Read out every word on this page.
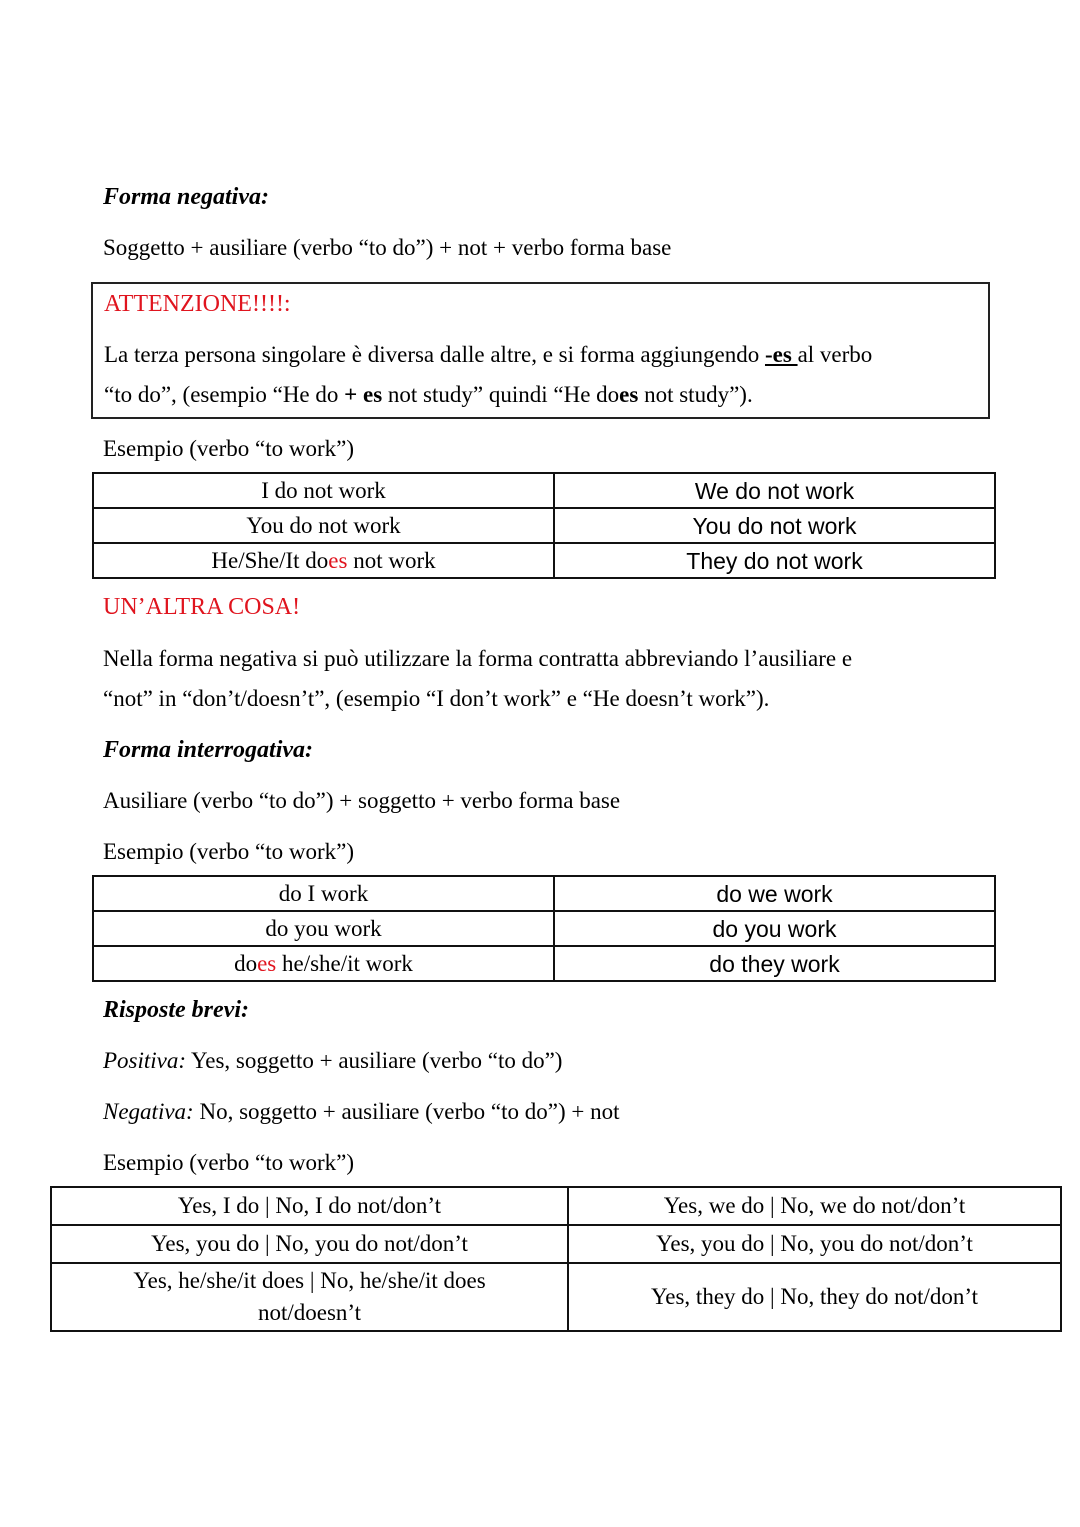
Forma negativa:
Soggetto + ausiliare (verbo “to do”) + not + verbo forma base
ATTENZIONE!!!!:
La terza persona singolare è diversa dalle altre, e si forma aggiungendo -es al verbo
“to do”, (esempio “He do + es not study” quindi “He does not study”).
Esempio (verbo “to work”)
I do not work	We do not work
You do not work	You do not work
He/She/It does not work	They do not work
UN’ALTRA COSA!
Nella forma negativa si può utilizzare la forma contratta abbreviando l’ausiliare e
“not” in “don’t/doesn’t”, (esempio “I don’t work” e “He doesn’t work”).
Forma interrogativa:
Ausiliare (verbo “to do”) + soggetto + verbo forma base
Esempio (verbo “to work”)
do I work	do we work
do you work	do you work
does he/she/it work	do they work
Risposte brevi:
Positiva: Yes, soggetto + ausiliare (verbo “to do”)
Negativa: No, soggetto + ausiliare (verbo “to do”) + not
Esempio (verbo “to work”)
Yes, I do | No, I do not/don’t	Yes, we do | No, we do not/don’t
Yes, you do | No, you do not/don’t	Yes, you do | No, you do not/don’t
Yes, he/she/it does | No, he/she/it does
not/doesn’t	Yes, they do | No, they do not/don’t
